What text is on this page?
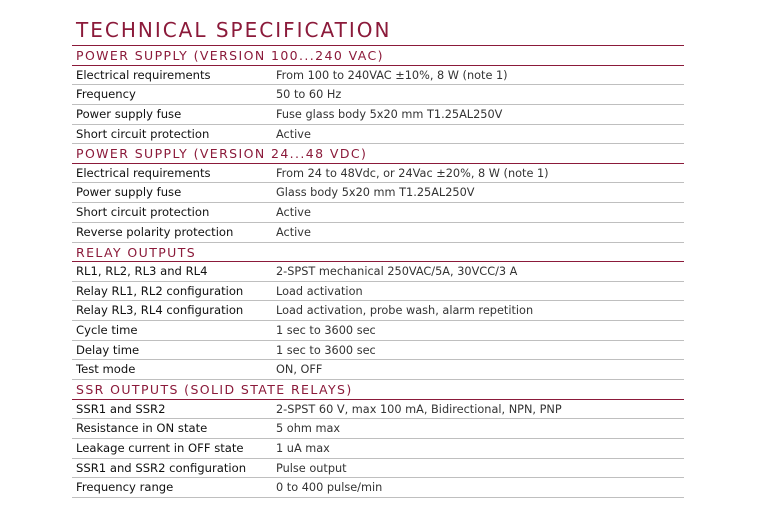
TECHNICAL SPECIFICATION
POWER SUPPLY (VERSION 100...240 VAC)
Electrical requirements	From 100 to 240VAC ±10%, 8 W (note 1)
Frequency	50 to 60 Hz
Power supply fuse	Fuse glass body 5x20 mm T1.25AL250V
Short circuit protection	Active
POWER SUPPLY (VERSION 24...48 VDC)
Electrical requirements	From 24 to 48Vdc, or 24Vac ±20%, 8 W (note 1)
Power supply fuse	Glass body 5x20 mm T1.25AL250V
Short circuit protection	Active
Reverse polarity protection	Active
RELAY OUTPUTS
RL1, RL2, RL3 and RL4	2-SPST mechanical 250VAC/5A, 30VCC/3 A
Relay RL1, RL2 configuration	Load activation
Relay RL3, RL4 configuration	Load activation, probe wash, alarm repetition
Cycle time	1 sec to 3600 sec
Delay time	1 sec to 3600 sec
Test mode	ON, OFF
SSR OUTPUTS (SOLID STATE RELAYS)
SSR1 and SSR2	2-SPST 60 V, max 100 mA, Bidirectional, NPN, PNP
Resistance in ON state	5 ohm max
Leakage current in OFF state	1 uA max
SSR1 and SSR2 configuration	Pulse output
Frequency range	0 to 400 pulse/min
